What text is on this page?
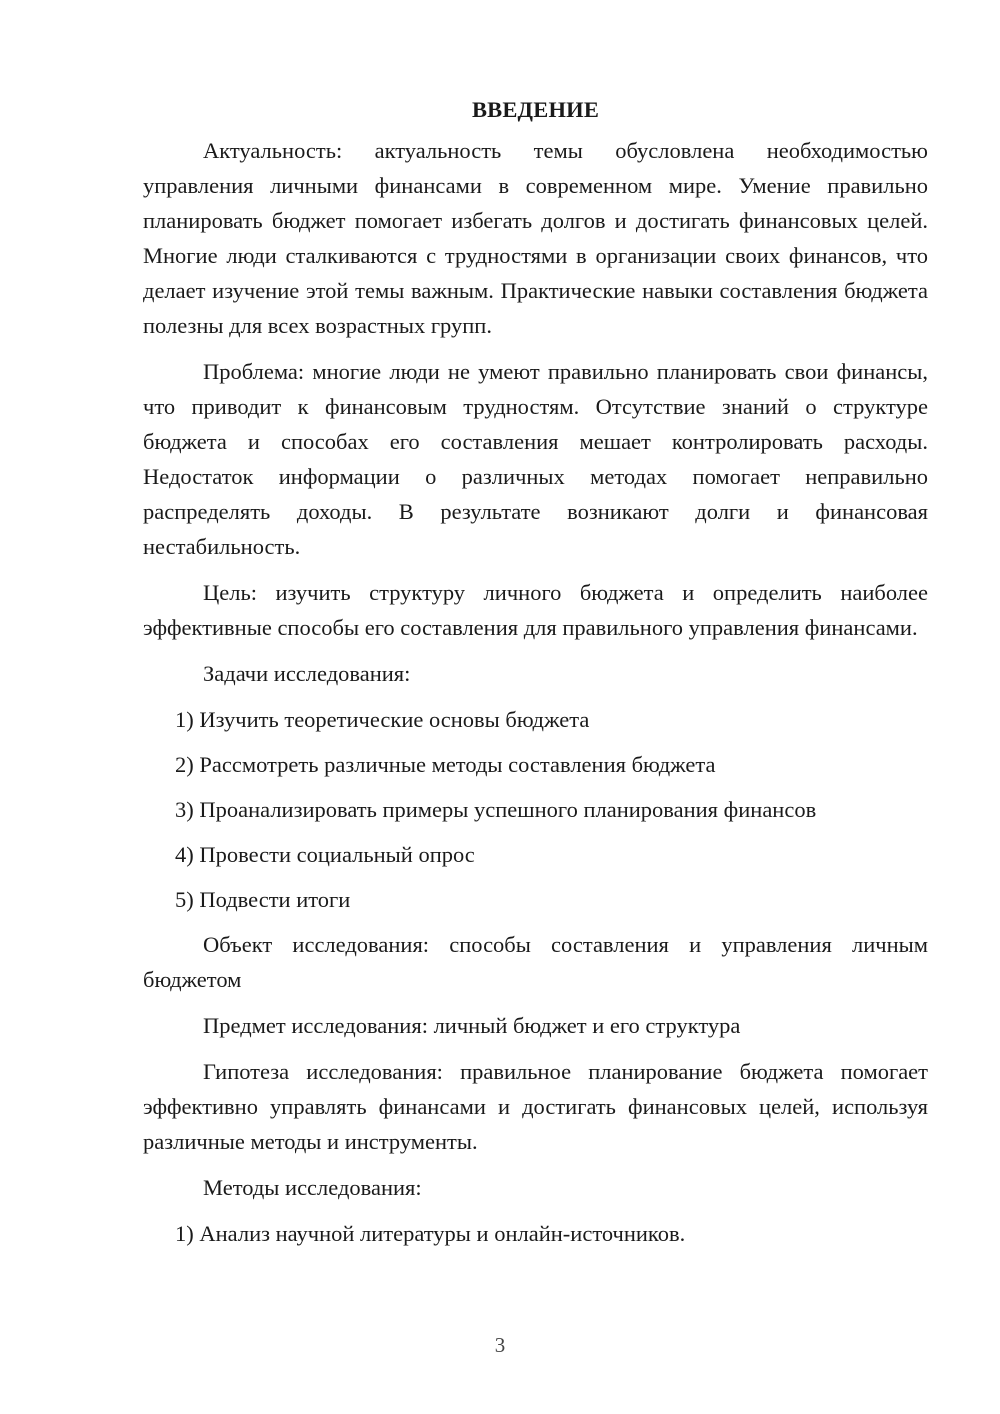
ВВЕДЕНИЕ

Актуальность: актуальность темы обусловлена необходимостью управления личными финансами в современном мире. Умение правильно планировать бюджет помогает избегать долгов и достигать финансовых целей. Многие люди сталкиваются с трудностями в организации своих финансов, что делает изучение этой темы важным. Практические навыки составления бюджета полезны для всех возрастных групп.

Проблема: многие люди не умеют правильно планировать свои финансы, что приводит к финансовым трудностям. Отсутствие знаний о структуре бюджета и способах его составления мешает контролировать расходы. Недостаток информации о различных методах помогает неправильно распределять доходы. В результате возникают долги и финансовая нестабильность.

Цель: изучить структуру личного бюджета и определить наиболее эффективные способы его составления для правильного управления финансами.

Задачи исследования:

1) Изучить теоретические основы бюджета

2) Рассмотреть различные методы составления бюджета

3) Проанализировать примеры успешного планирования финансов

4) Провести социальный опрос

5) Подвести итоги

Объект исследования: способы составления и управления личным бюджетом

Предмет исследования: личный бюджет и его структура

Гипотеза исследования: правильное планирование бюджета помогает эффективно управлять финансами и достигать финансовых целей, используя различные методы и инструменты.

Методы исследования:

1) Анализ научной литературы и онлайн-источников.

3
